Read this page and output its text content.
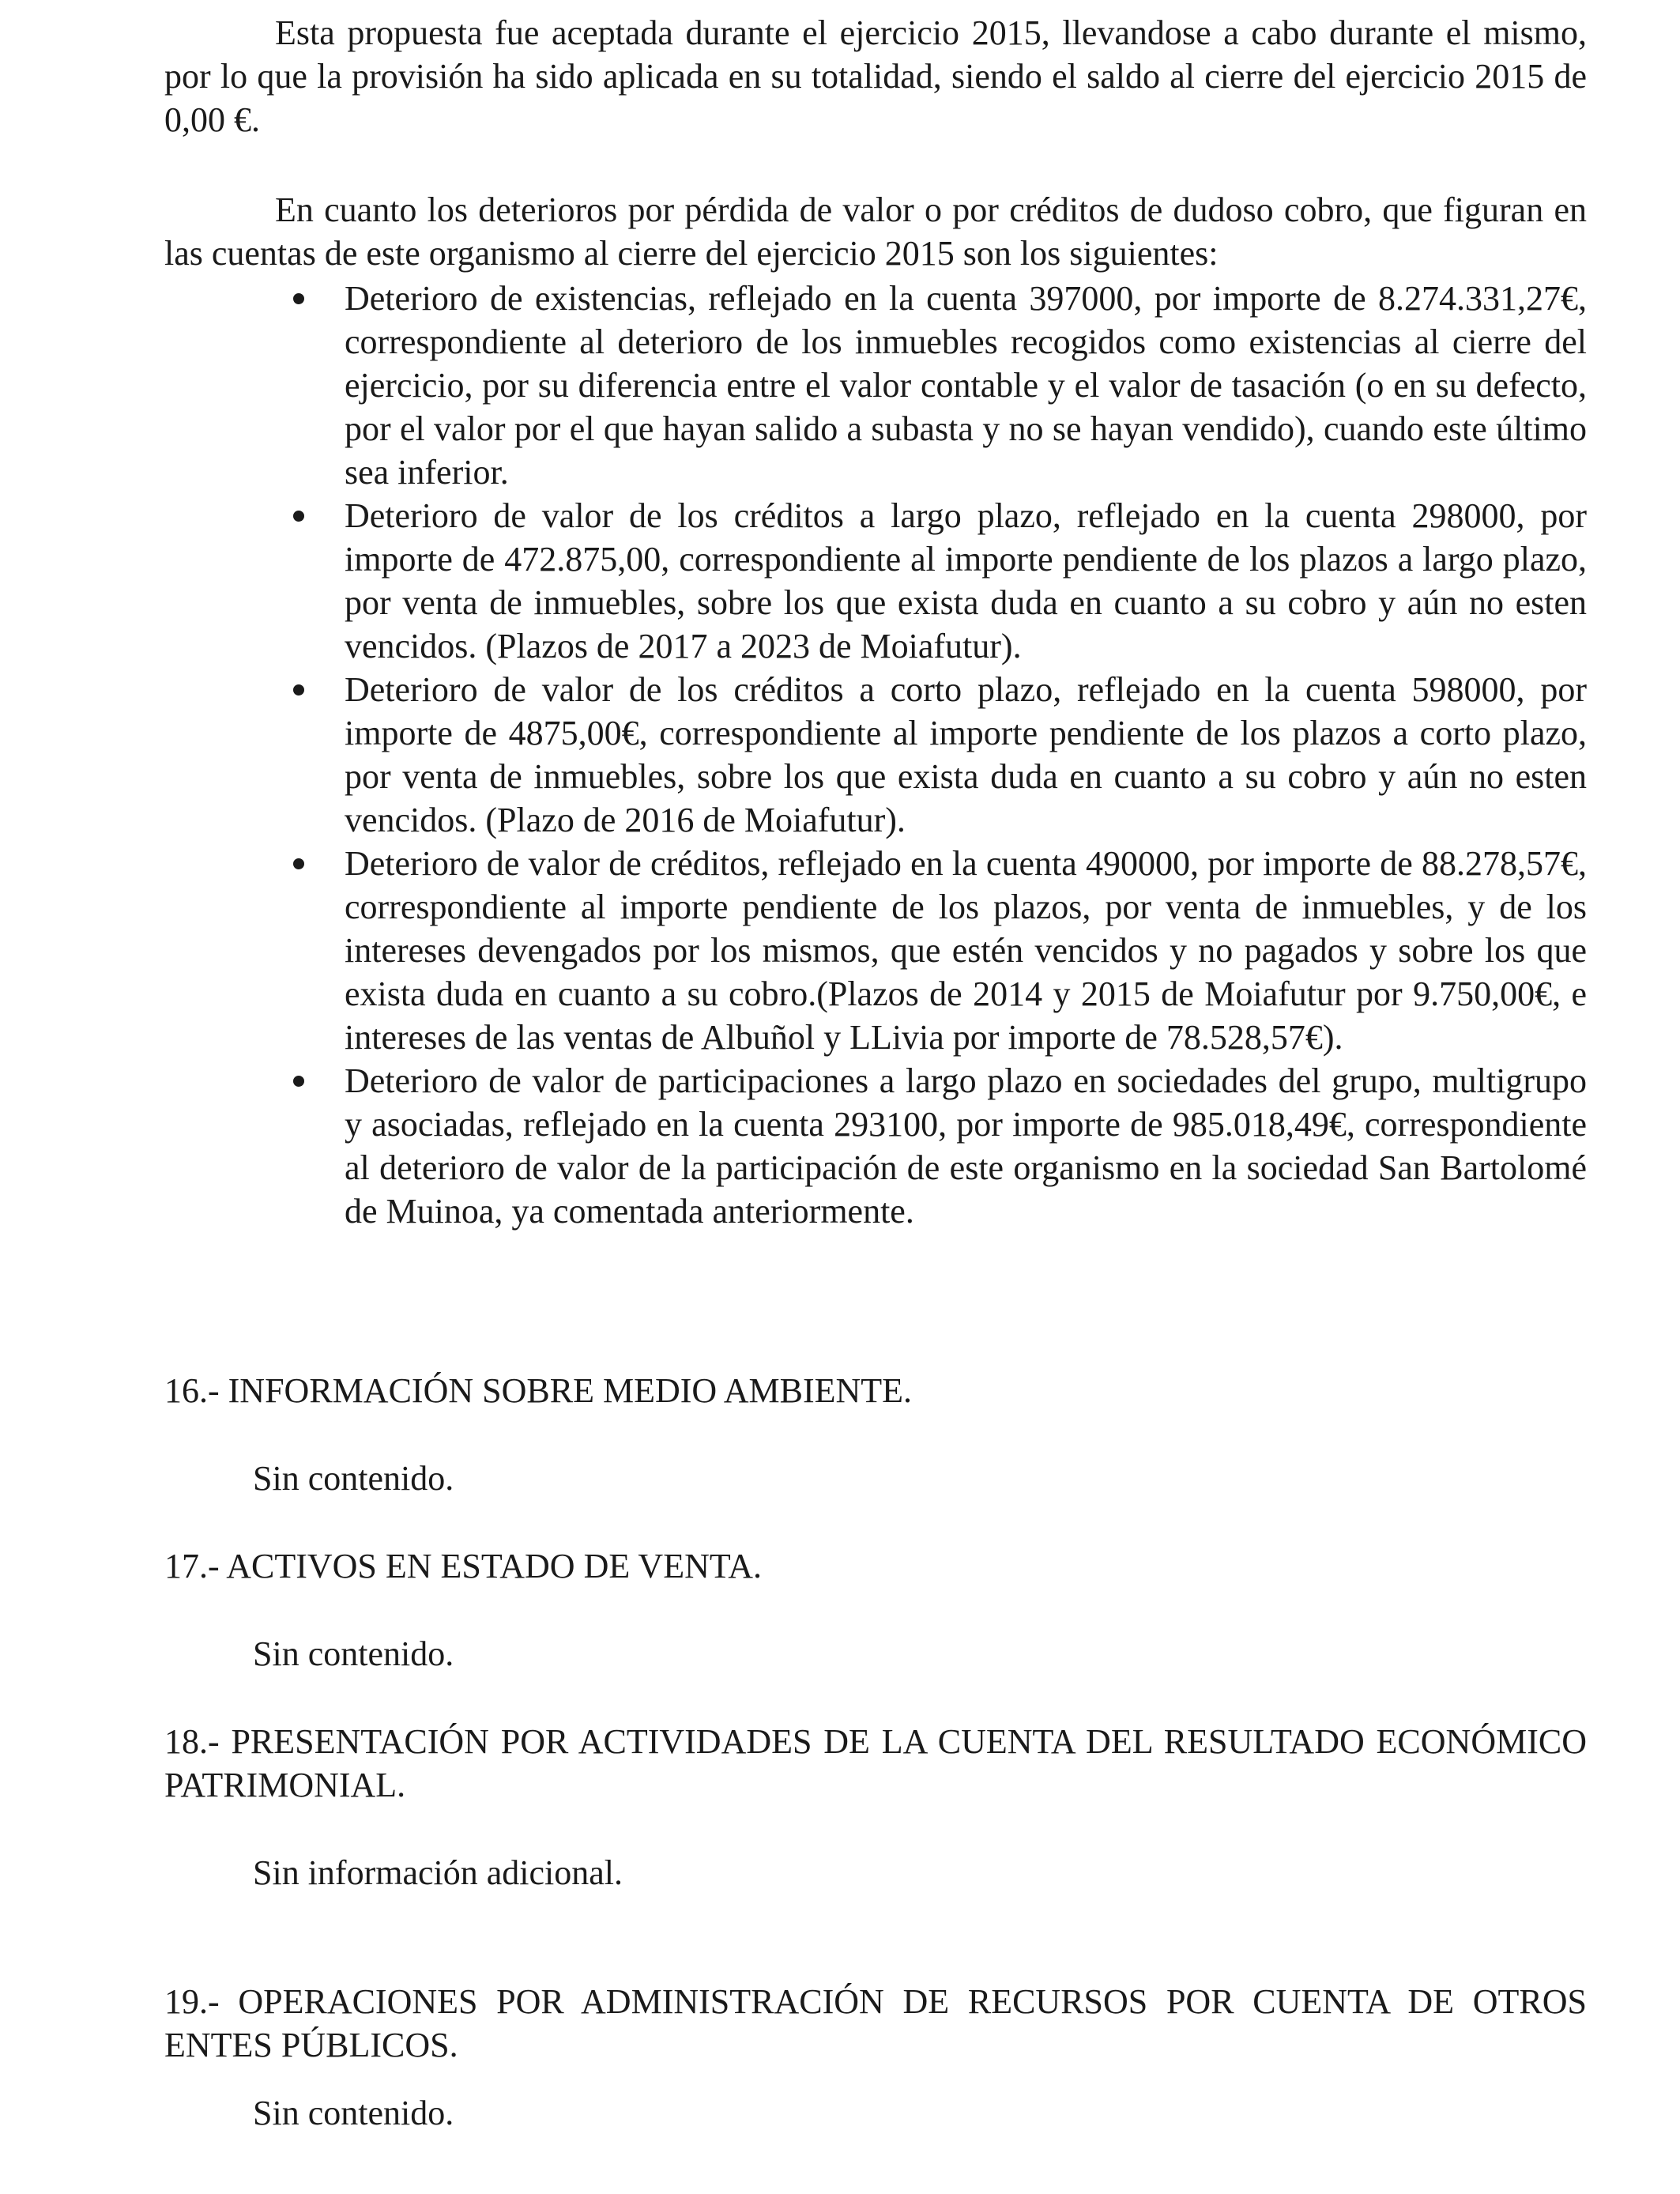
Esta propuesta fue aceptada durante el ejercicio 2015, llevandose a cabo durante el mismo, por lo que la provisión ha sido aplicada en su totalidad, siendo el saldo al cierre del ejercicio 2015 de 0,00 €.

En cuanto los deterioros por pérdida de valor o por créditos de dudoso cobro, que figuran en las cuentas de este organismo al cierre del ejercicio 2015 son los siguientes:

Deterioro de existencias, reflejado en la cuenta 397000, por importe de 8.274.331,27€, correspondiente al deterioro de los inmuebles recogidos como existencias al cierre del ejercicio, por su diferencia entre el valor contable y el valor de tasación (o en su defecto, por el valor por el que hayan salido a subasta y no se hayan vendido), cuando este último sea inferior.
Deterioro de valor de los créditos a largo plazo, reflejado en la cuenta 298000, por importe de 472.875,00, correspondiente al importe pendiente de los plazos a largo plazo, por venta de inmuebles, sobre los que exista duda en cuanto a su cobro y aún no esten vencidos. (Plazos de 2017 a 2023 de Moiafutur).
Deterioro de valor de los créditos a corto plazo, reflejado en la cuenta 598000, por importe de 4875,00€, correspondiente al importe pendiente de los plazos a corto plazo, por venta de inmuebles, sobre los que exista duda en cuanto a su cobro y aún no esten vencidos. (Plazo de 2016 de Moiafutur).
Deterioro de valor de créditos, reflejado en la cuenta 490000, por importe de 88.278,57€, correspondiente al importe pendiente de los plazos, por venta de inmuebles, y de los intereses devengados por los mismos, que estén vencidos y no pagados y sobre los que exista duda en cuanto a su cobro.(Plazos de 2014 y 2015 de Moiafutur por 9.750,00€, e intereses de las ventas de Albuñol y LLivia por importe de 78.528,57€).
Deterioro de valor de participaciones a largo plazo en sociedades del grupo, multigrupo y asociadas, reflejado en la cuenta 293100, por importe de 985.018,49€, correspondiente al deterioro de valor de la participación de este organismo en la sociedad San Bartolomé de Muinoa, ya comentada anteriormente.

16.- INFORMACIÓN SOBRE MEDIO AMBIENTE.

Sin contenido.

17.- ACTIVOS EN ESTADO DE VENTA.

Sin contenido.

18.- PRESENTACIÓN POR ACTIVIDADES DE LA CUENTA DEL RESULTADO ECONÓMICO PATRIMONIAL.

Sin información adicional.

19.- OPERACIONES POR ADMINISTRACIÓN DE RECURSOS POR CUENTA DE OTROS ENTES PÚBLICOS.

Sin contenido.
